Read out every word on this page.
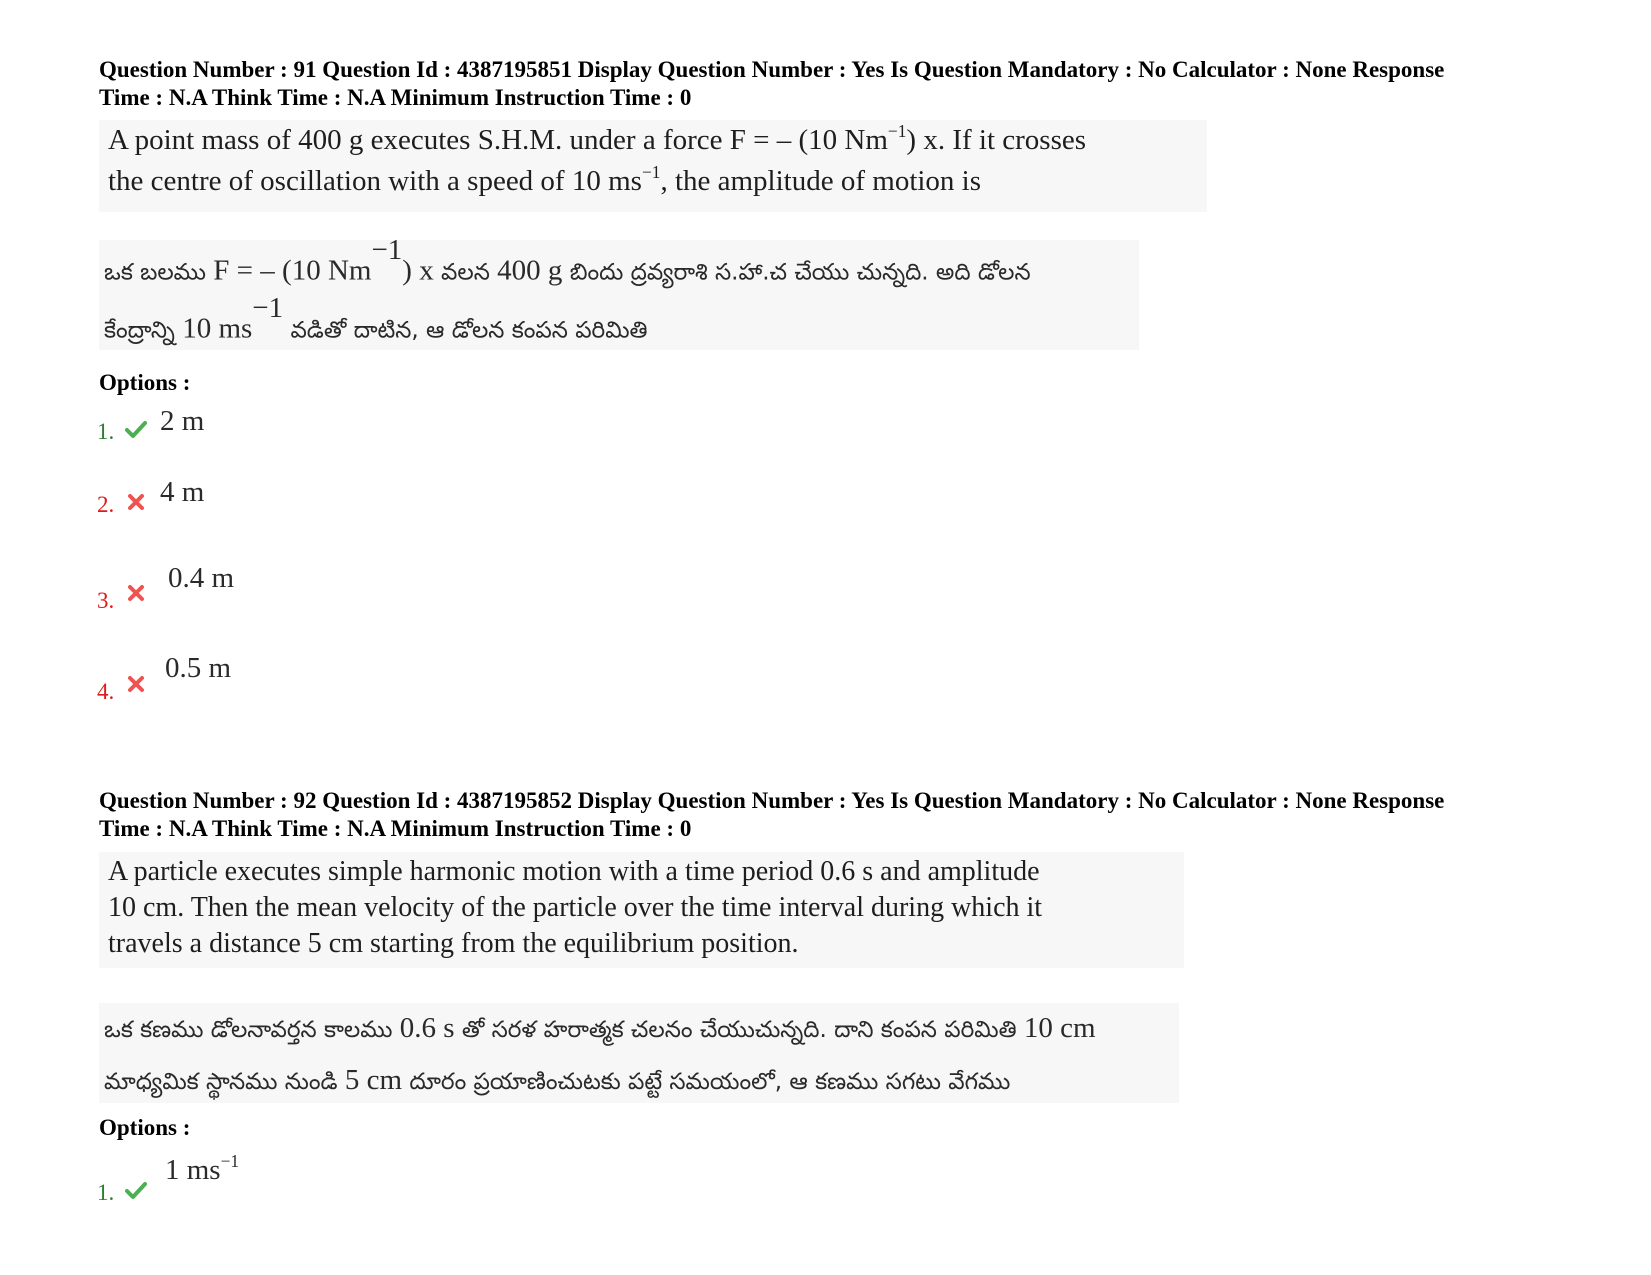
Question Number : 91 Question Id : 4387195851 Display Question Number : Yes Is Question Mandatory : No Calculator : None Response
Time : N.A Think Time : N.A Minimum Instruction Time : 0
A point mass of 400 g executes S.H.M. under a force F = – (10 $Nm^{-1}$) x. If it crosses
the centre of oscillation with a speed of 10 $ms^{-1}$, the amplitude of motion is
ఒక బలము F = – (10 $Nm^{-1}$) x వలన 400 g బిందు ద్రవ్యరాశి స.హా.చ చేయు చున్నది. అది డోలన
కేంద్రాన్ని 10 $ms^{-1}$ వడితో దాటిన, ఆ డోలన కంపన పరిమితి
Options :
1. 2 m
2. 4 m
3.
0.4 m
4.
0.5 m
Question Number : 92 Question Id : 4387195852 Display Question Number : Yes Is Question Mandatory : No Calculator : None Response
Time : N.A Think Time : N.A Minimum Instruction Time : 0
A particle executes simple harmonic motion with a time period 0.6 s and amplitude
10 cm. Then the mean velocity of the particle over the time interval during which it
travels a distance 5 cm starting from the equilibrium position.
ఒక కణము డోలనావర్తన కాలము 0.6 s తో సరళ హరాత్మక చలనం చేయుచున్నది. దాని కంపన పరిమితి 10 cm
మాధ్యమిక స్థానము నుండి 5 cm దూరం ప్రయాణించుటకు పట్టే సమయంలో, ఆ కణము సగటు వేగము
Options :
1.
1 $ms^{-1}$
